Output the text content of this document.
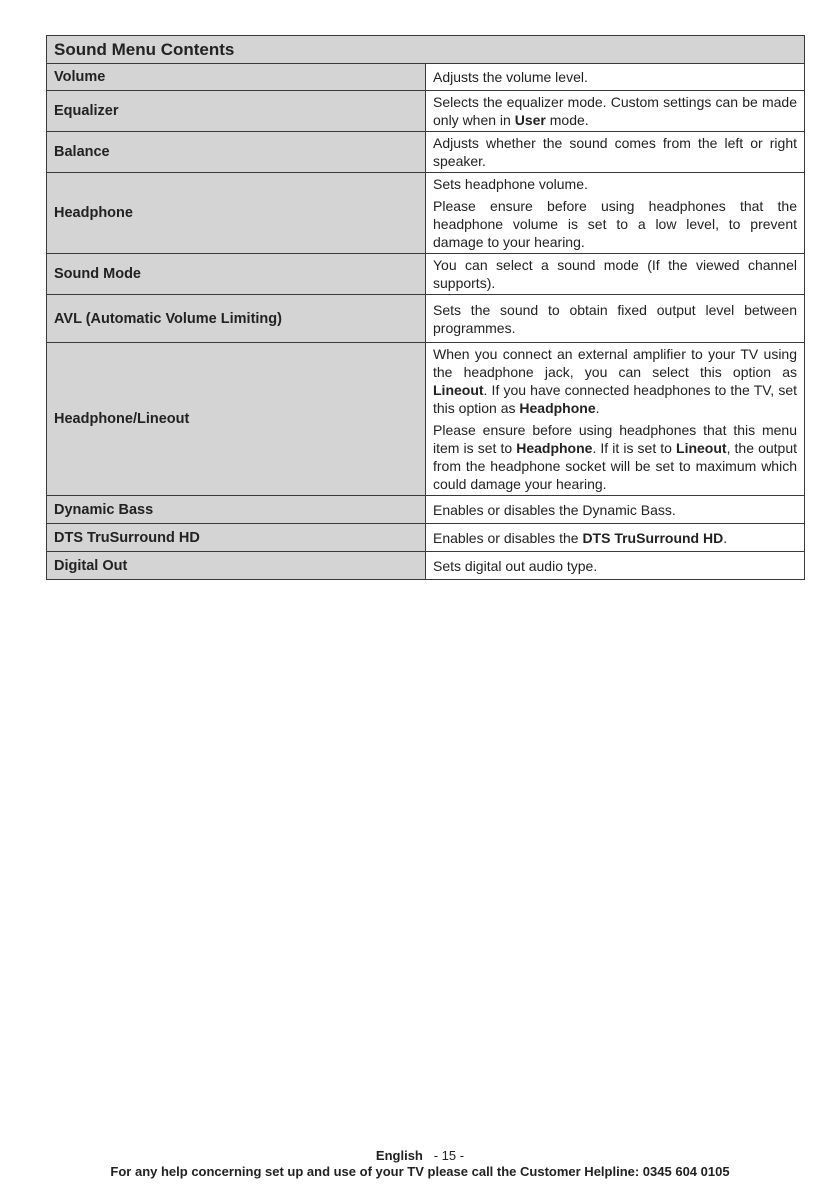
Sound Menu Contents	
Volume	Adjusts the volume level.

Equalizer	Selects the equalizer mode. Custom settings can be made only when in User mode.

Balance	Adjusts whether the sound comes from the left or right speaker.

Headphone	Sets headphone volume.

Please ensure before using headphones that the headphone volume is set to a low level, to prevent damage to your hearing.

Sound Mode	You can select a sound mode (If the viewed channel supports).

AVL (Automatic Volume Limiting)	Sets the sound to obtain fixed output level between programmes.

Headphone/Lineout	When you connect an external amplifier to your TV using the headphone jack, you can select this option as Lineout. If you have connected headphones to the TV, set this option as Headphone.

Please ensure before using headphones that this menu item is set to Headphone. If it is set to Lineout, the output from the headphone socket will be set to maximum which could damage your hearing.

Dynamic Bass	Enables or disables the Dynamic Bass.

DTS TruSurround HD	Enables or disables the DTS TruSurround HD.

Digital Out	Sets digital out audio type.

English - 15 -
For any help concerning set up and use of your TV please call the Customer Helpline: 0345 604 0105
